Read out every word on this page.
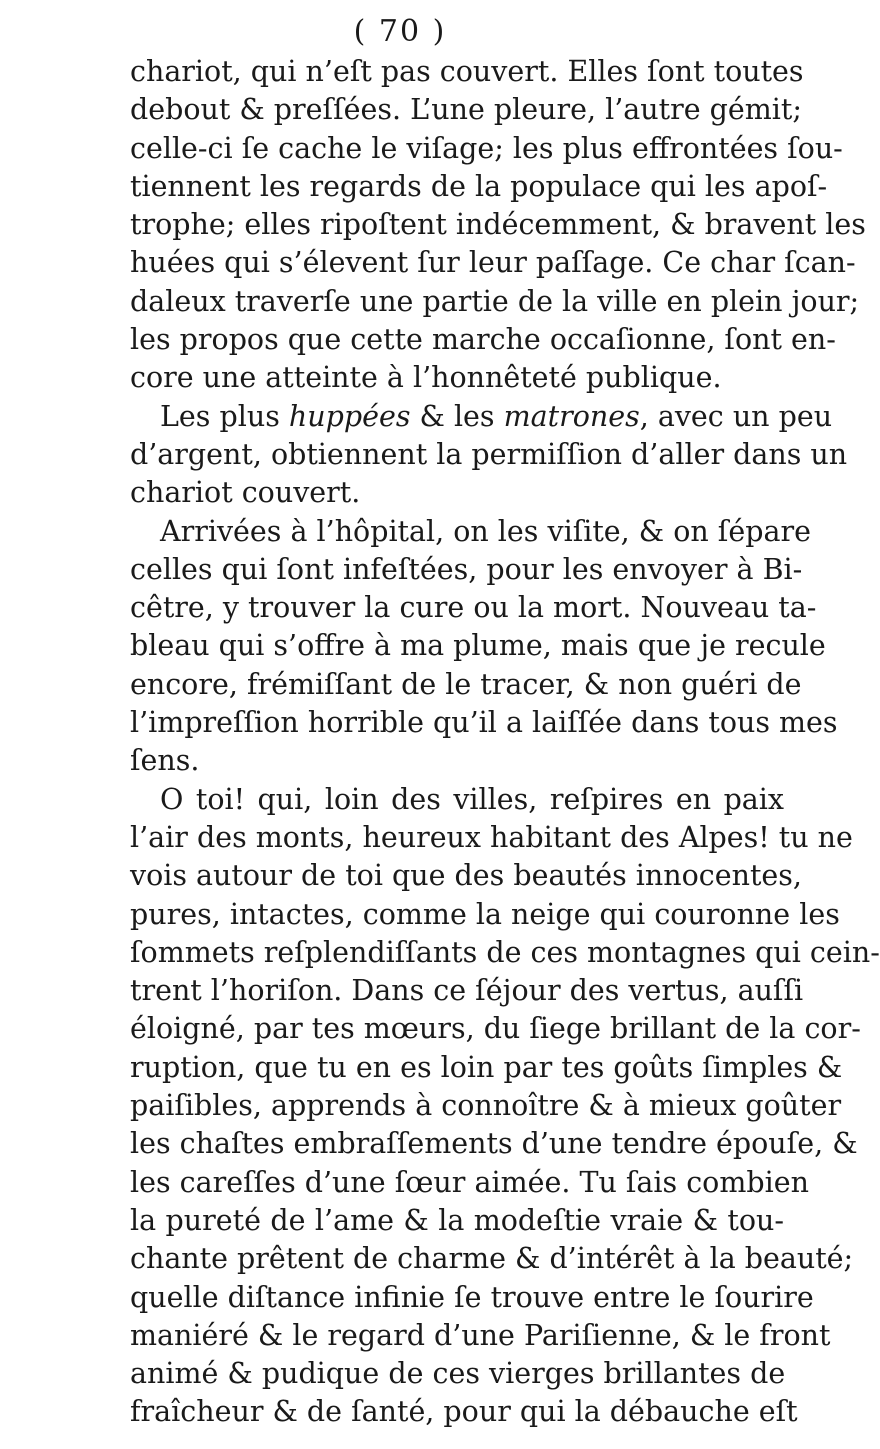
( 70 )
chariot, qui n’eſt pas couvert. Elles ſont toutes
debout & preſſées. L’une pleure, l’autre gémit;
celle-ci ſe cache le viſage; les plus effrontées ſou-
tiennent les regards de la populace qui les apoſ-
trophe; elles ripoſtent indécemment, & bravent les
huées qui s’élevent ſur leur paſſage. Ce char ſcan-
daleux traverſe une partie de la ville en plein jour;
les propos que cette marche occaſionne, ſont en-
core une atteinte à l’honnêteté publique.
Les plus huppées & les matrones, avec un peu
d’argent, obtiennent la permiſſion d’aller dans un
chariot couvert.
Arrivées à l’hôpital, on les viſite, & on ſépare
celles qui ſont infeſtées, pour les envoyer à Bi-
cêtre, y trouver la cure ou la mort. Nouveau ta-
bleau qui s’offre à ma plume, mais que je recule
encore, frémiſſant de le tracer, & non guéri de
l’impreſſion horrible qu’il a laiſſée dans tous mes
ſens.
O toi! qui, loin des villes, reſpires en paix
l’air des monts, heureux habitant des Alpes! tu ne
vois autour de toi que des beautés innocentes,
pures, intactes, comme la neige qui couronne les
ſommets reſplendiſſants de ces montagnes qui cein-
trent l’horiſon. Dans ce ſéjour des vertus, auſſi
éloigné, par tes mœurs, du ſiege brillant de la cor-
ruption, que tu en es loin par tes goûts ſimples &
paiſibles, apprends à connoître & à mieux goûter
les chaſtes embraſſements d’une tendre épouſe, &
les careſſes d’une ſœur aimée. Tu ſais combien
la pureté de l’ame & la modeſtie vraie & tou-
chante prêtent de charme & d’intérêt à la beauté;
quelle diſtance infinie ſe trouve entre le ſourire
maniéré & le regard d’une Pariſienne, & le front
animé & pudique de ces vierges brillantes de
fraîcheur & de ſanté, pour qui la débauche eſt
